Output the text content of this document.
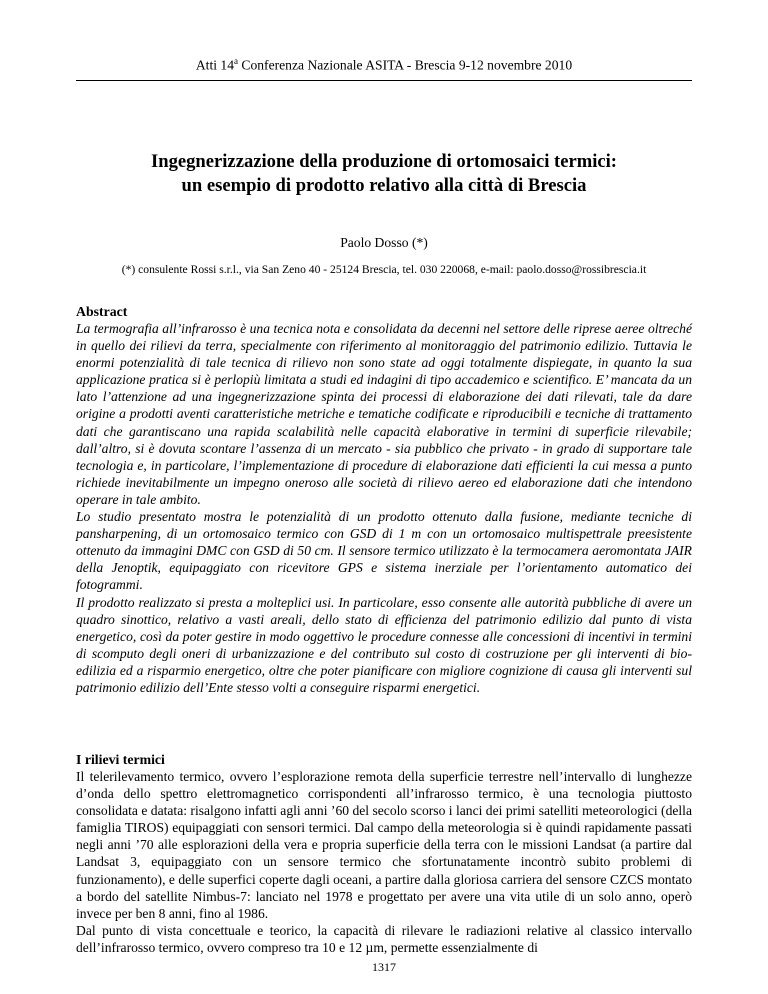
Atti 14$^a$ Conferenza Nazionale ASITA - Brescia 9-12 novembre 2010
Ingegnerizzazione della produzione di ortomosaici termici:
un esempio di prodotto relativo alla città di Brescia
Paolo Dosso (*)
(*) consulente Rossi s.r.l., via San Zeno 40 - 25124 Brescia, tel. 030 220068, e-mail: paolo.dosso@rossibrescia.it

Abstract

La termografia all’infrarosso è una tecnica nota e consolidata da decenni nel settore delle riprese aeree oltreché in quello dei rilievi da terra, specialmente con riferimento al monitoraggio del patrimonio edilizio. Tuttavia le enormi potenzialità di tale tecnica di rilievo non sono state ad oggi totalmente dispiegate, in quanto la sua applicazione pratica si è perlopiù limitata a studi ed indagini di tipo accademico e scientifico. E’ mancata da un lato l’attenzione ad una ingegnerizzazione spinta dei processi di elaborazione dei dati rilevati, tale da dare origine a prodotti aventi caratteristiche metriche e tematiche codificate e riproducibili e tecniche di trattamento dati che garantiscano una rapida scalabilità nelle capacità elaborative in termini di superficie rilevabile; dall’altro, si è dovuta scontare l’assenza di un mercato - sia pubblico che privato - in grado di supportare tale tecnologia e, in particolare, l’implementazione di procedure di elaborazione dati efficienti la cui messa a punto richiede inevitabilmente un impegno oneroso alle società di rilievo aereo ed elaborazione dati che intendono operare in tale ambito.

Lo studio presentato mostra le potenzialità di un prodotto ottenuto dalla fusione, mediante tecniche di pansharpening, di un ortomosaico termico con GSD di 1 m con un ortomosaico multispettrale preesistente ottenuto da immagini DMC con GSD di 50 cm. Il sensore termico utilizzato è la termocamera aeromontata JAIR della Jenoptik, equipaggiato con ricevitore GPS e sistema inerziale per l’orientamento automatico dei fotogrammi.

Il prodotto realizzato si presta a molteplici usi. In particolare, esso consente alle autorità pubbliche di avere un quadro sinottico, relativo a vasti areali, dello stato di efficienza del patrimonio edilizio dal punto di vista energetico, così da poter gestire in modo oggettivo le procedure connesse alle concessioni di incentivi in termini di scomputo degli oneri di urbanizzazione e del contributo sul costo di costruzione per gli interventi di bio-edilizia ed a risparmio energetico, oltre che poter pianificare con migliore cognizione di causa gli interventi sul patrimonio edilizio dell’Ente stesso volti a conseguire risparmi energetici.

I rilievi termici

Il telerilevamento termico, ovvero l’esplorazione remota della superficie terrestre nell’intervallo di lunghezze d’onda dello spettro elettromagnetico corrispondenti all’infrarosso termico, è una tecnologia piuttosto consolidata e datata: risalgono infatti agli anni ’60 del secolo scorso i lanci dei primi satelliti meteorologici (della famiglia TIROS) equipaggiati con sensori termici. Dal campo della meteorologia si è quindi rapidamente passati negli anni ’70 alle esplorazioni della vera e propria superficie della terra con le missioni Landsat (a partire dal Landsat 3, equipaggiato con un sensore termico che sfortunatamente incontrò subito problemi di funzionamento), e delle superfici coperte dagli oceani, a partire dalla gloriosa carriera del sensore CZCS montato a bordo del satellite Nimbus-7: lanciato nel 1978 e progettato per avere una vita utile di un solo anno, operò invece per ben 8 anni, fino al 1986.

Dal punto di vista concettuale e teorico, la capacità di rilevare le radiazioni relative al classico intervallo dell’infrarosso termico, ovvero compreso tra 10 e 12 µm, permette essenzialmente di

1317
